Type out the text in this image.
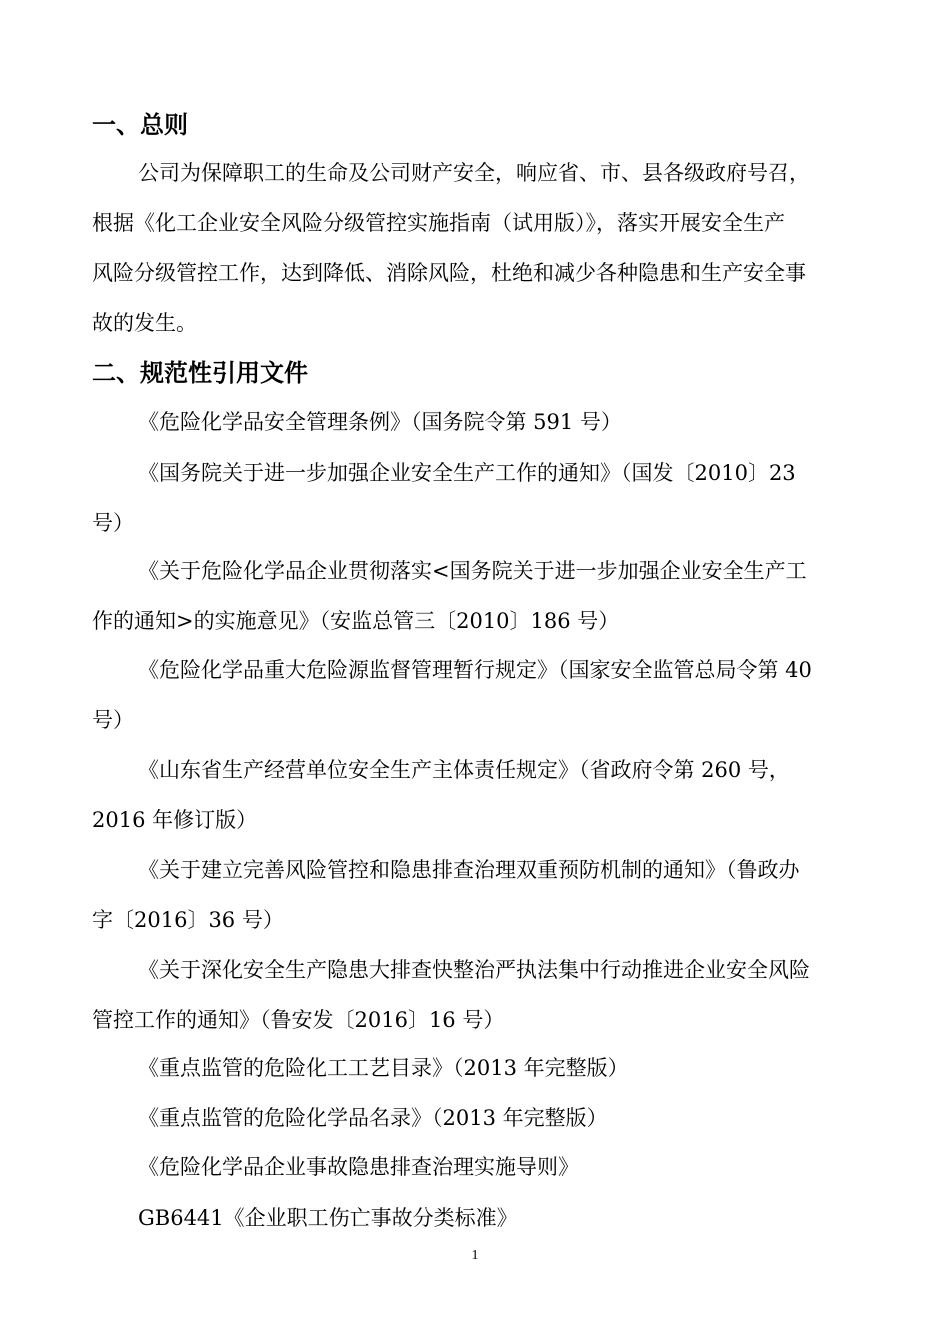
一、总则
公司为保障职工的生命及公司财产安全，响应省、市、县各级政府号召，
根据《化工企业安全风险分级管控实施指南（试用版）》，落实开展安全生产
风险分级管控工作，达到降低、消除风险，杜绝和减少各种隐患和生产安全事
故的发生。
二、规范性引用文件
《危险化学品安全管理条例》（国务院令第 591 号）
《国务院关于进一步加强企业安全生产工作的通知》（国发〔2010〕23
号）
《关于危险化学品企业贯彻落实<国务院关于进一步加强企业安全生产工
作的通知>的实施意见》（安监总管三〔2010〕186 号）
《危险化学品重大危险源监督管理暂行规定》（国家安全监管总局令第 40
号）
《山东省生产经营单位安全生产主体责任规定》（省政府令第 260 号，
2016 年修订版）
《关于建立完善风险管控和隐患排查治理双重预防机制的通知》（鲁政办
字〔2016〕36 号）
《关于深化安全生产隐患大排查快整治严执法集中行动推进企业安全风险
管控工作的通知》（鲁安发〔2016〕16 号）
《重点监管的危险化工工艺目录》（2013 年完整版）
《重点监管的危险化学品名录》（2013 年完整版）
《危险化学品企业事故隐患排查治理实施导则》
GB6441《企业职工伤亡事故分类标准》
1
